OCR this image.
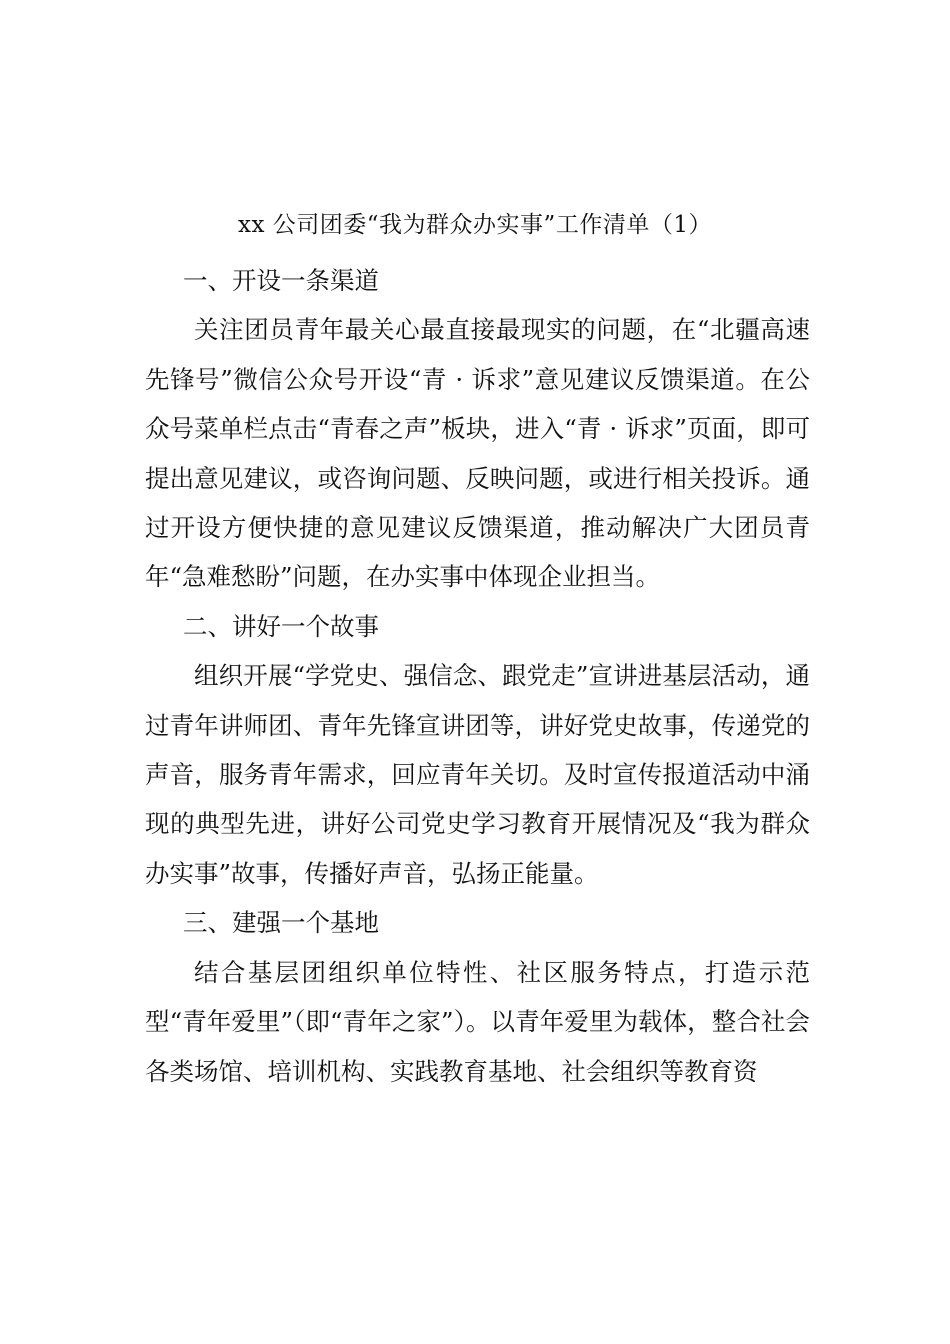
xx 公司团委“我为群众办实事”工作清单（1）

一、开设一条渠道

关注团员青年最关心最直接最现实的问题，在“北疆高速先锋号”微信公众号开设“青 · 诉求”意见建议反馈渠道。在公众号菜单栏点击“青春之声”板块，进入“青 · 诉求”页面，即可提出意见建议，或咨询问题、反映问题，或进行相关投诉。通过开设方便快捷的意见建议反馈渠道，推动解决广大团员青年“急难愁盼”问题，在办实事中体现企业担当。

二、讲好一个故事

组织开展“学党史、强信念、跟党走”宣讲进基层活动，通过青年讲师团、青年先锋宣讲团等，讲好党史故事，传递党的声音，服务青年需求，回应青年关切。及时宣传报道活动中涌现的典型先进，讲好公司党史学习教育开展情况及“我为群众办实事”故事，传播好声音，弘扬正能量。

三、建强一个基地

结合基层团组织单位特性、社区服务特点，打造示范型“青年爱里”（即“青年之家”）。以青年爱里为载体，整合社会各类场馆、培训机构、实践教育基地、社会组织等教育资
